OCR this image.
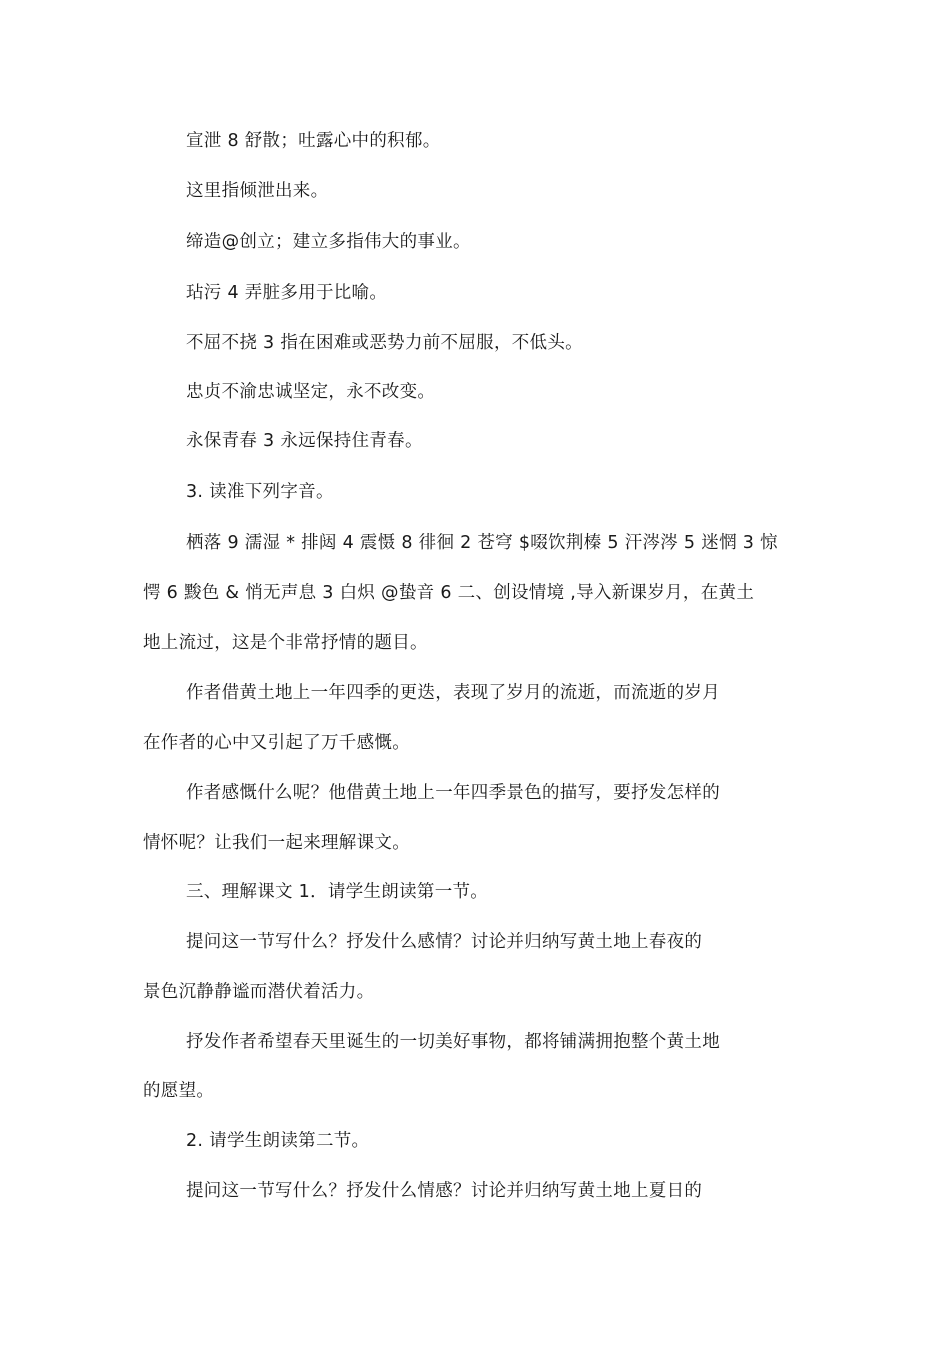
宣泄 8 舒散；吐露心中的积郁。
这里指倾泄出来。
缔造@创立；建立多指伟大的事业。
玷污 4 弄脏多用于比喻。
不屈不挠 3 指在困难或恶势力前不屈服，不低头。
忠贞不渝忠诚坚定，永不改变。
永保青春 3 永远保持住青春。
3. 读准下列字音。
栖落 9 濡湿 * 排闼 4 震慑 8 徘徊 2 苍穹 $啜饮荆榛 5 汗涔涔 5 迷惘 3 惊
愕 6 黢色 & 悄无声息 3 白炽 @蛰音 6 二、创设情境 ,导入新课岁月，在黄土
地上流过，这是个非常抒情的题目。
作者借黄土地上一年四季的更迭，表现了岁月的流逝，而流逝的岁月
在作者的心中又引起了万千感慨。
作者感慨什么呢？他借黄土地上一年四季景色的描写，要抒发怎样的
情怀呢？让我们一起来理解课文。
三、理解课文 1．请学生朗读第一节。
提问这一节写什么？抒发什么感情？讨论并归纳写黄土地上春夜的
景色沉静静谧而潜伏着活力。
抒发作者希望春天里诞生的一切美好事物，都将铺满拥抱整个黄土地
的愿望。
2. 请学生朗读第二节。
提问这一节写什么？抒发什么情感？讨论并归纳写黄土地上夏日的
